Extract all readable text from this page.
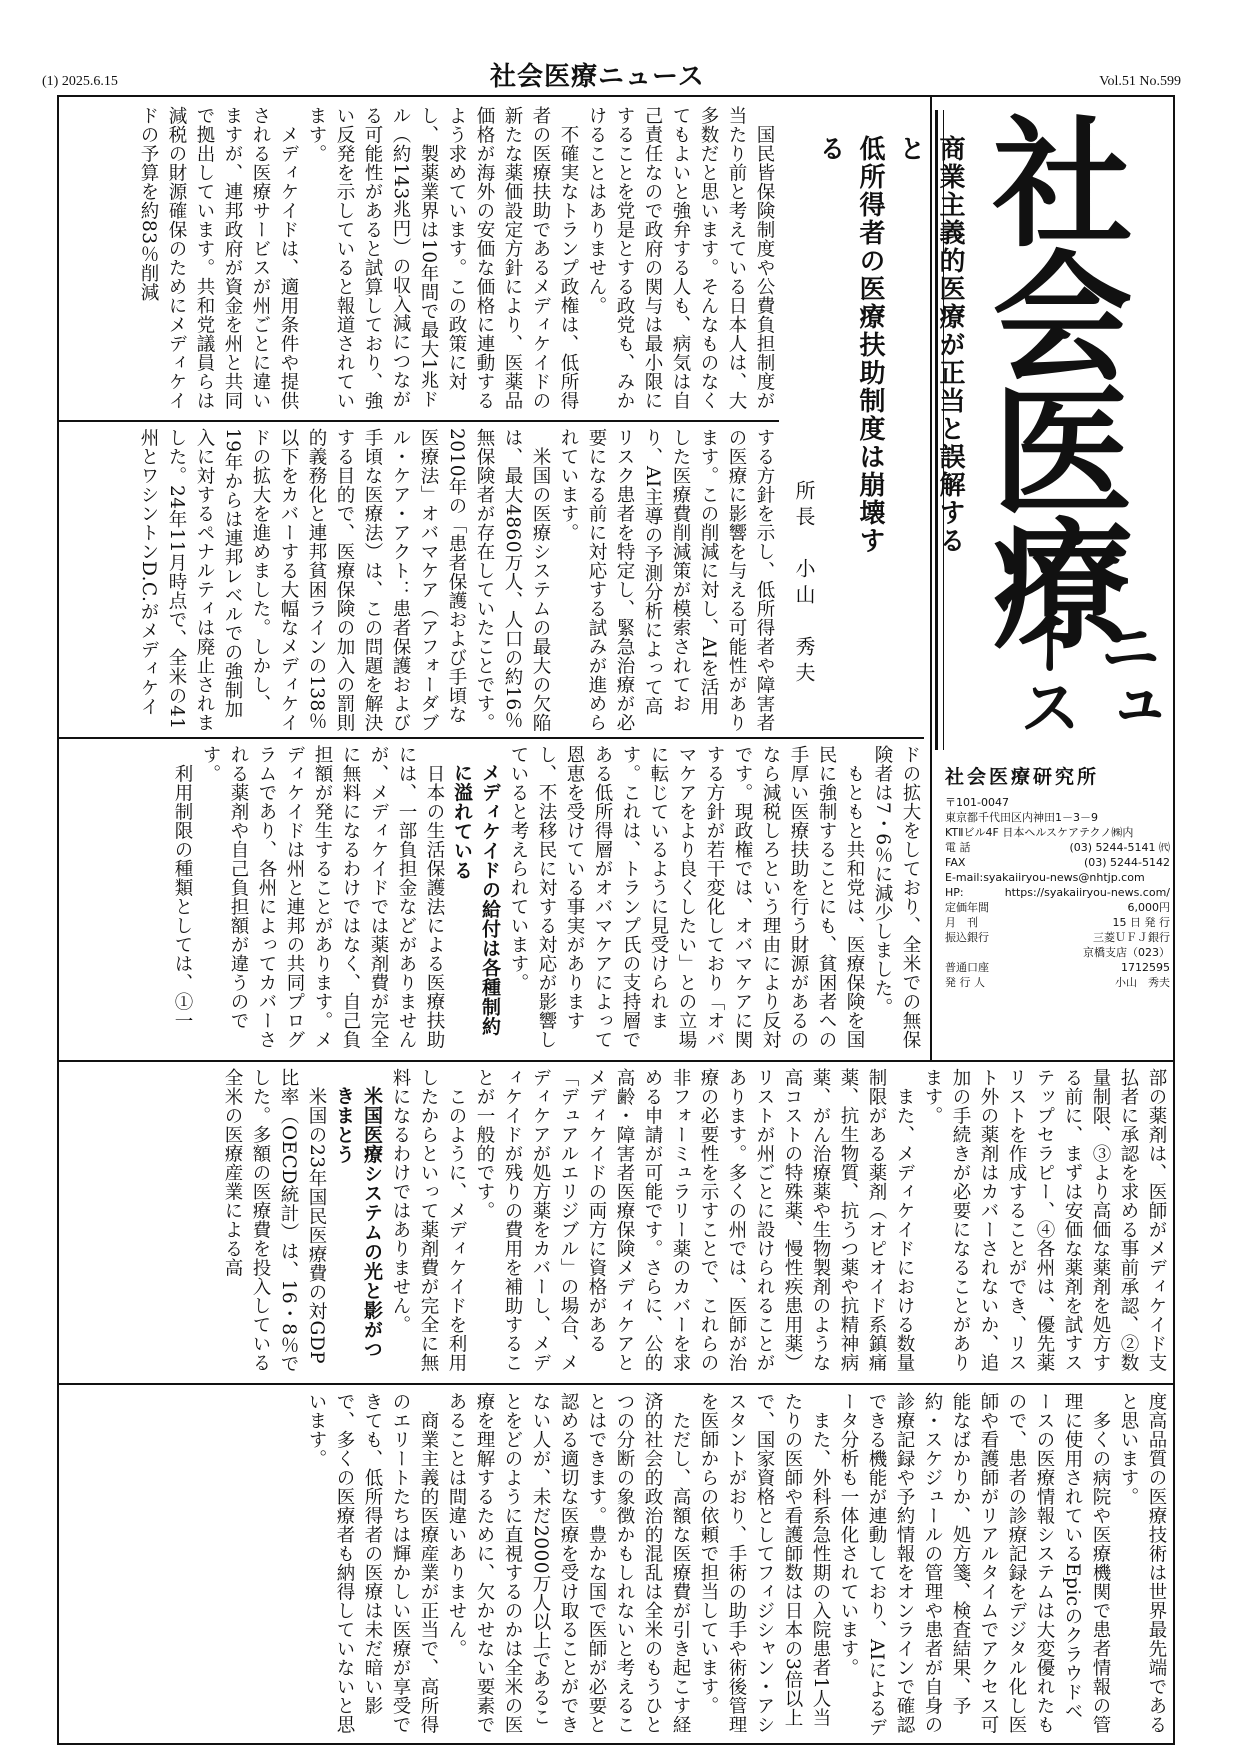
(1) 2025.6.15	社会医療ニュース	Vol.51 No.599
社会医療
ニュース
商業主義的医療が正当と誤解すると
低所得者の医療扶助制度は崩壊する
所長　小山　秀夫

国民皆保険制度や公費負担制度が当たり前と考えている日本人は、大多数だと思います。そんなものなくてもよいと強弁する人も、病気は自己責任なので政府の関与は最小限にすることを党是とする政党も、みかけることはありません。

不確実なトランプ政権は、低所得者の医療扶助であるメディケイドの新たな薬価設定方針により、医薬品価格が海外の安価な価格に連動するよう求めています。この政策に対し、製薬業界は10年間で最大1兆ドル（約143兆円）の収入減につながる可能性があると試算しており、強い反発を示していると報道されています。

メディケイドは、適用条件や提供される医療サービスが州ごとに違いますが、連邦政府が資金を州と共同で拠出しています。共和党議員らは減税の財源確保のためにメディケイドの予算を約83％削減

する方針を示し、低所得者や障害者の医療に影響を与える可能性があります。この削減に対し、AIを活用した医療費削減策が模索されており、AI主導の予測分析によって高リスク患者を特定し、緊急治療が必要になる前に対応する試みが進められています。

米国の医療システムの最大の欠陥は、最大4860万人、人口の約16％無保険者が存在していたことです。2010年の「患者保護および手頃な医療法」オバマケア（アフォーダブル・ケア・アクト：患者保護および手頃な医療法）は、この問題を解決する目的で、医療保険の加入の罰則的義務化と連邦貧困ラインの138％以下をカバーする大幅なメディケイドの拡大を進めました。しかし、19年からは連邦レベルでの強制加入に対するペナルティは廃止されました。24年11月時点で、全米の41州とワシントンD.C.がメディケイ

ドの拡大をしており、全米での無保険者は7・6％に減少しました。

もともと共和党は、医療保険を国民に強制することにも、貧困者への手厚い医療扶助を行う財源があるのなら減税しろという理由により反対です。現政権では、オバマケアに関する方針が若干変化しており「オバマケアをより良くしたい」との立場に転じているように見受けられます。これは、トランプ氏の支持層である低所得層がオバマケアによって恩恵を受けている事実がありますし、不法移民に対する対応が影響していると考えられています。

メディケイドの給付は各種制約に溢れている

日本の生活保護法による医療扶助には、一部負担金などがありませんが、メディケイドでは薬剤費が完全に無料になるわけではなく、自己負担額が発生することがあります。メディケイドは州と連邦の共同プログラムであり、各州によってカバーされる薬剤や自己負担額が違うのです。

利用制限の種類としては、①一

部の薬剤は、医師がメディケイド支払者に承認を求める事前承認、②数量制限、③より高価な薬剤を処方する前に、まずは安価な薬剤を試すステップセラピー、④各州は、優先薬リストを作成することができ、リスト外の薬剤はカバーされないか、追加の手続きが必要になることがあります。

また、メディケイドにおける数量制限がある薬剤（オピオイド系鎮痛薬、抗生物質、抗うつ薬や抗精神病薬、がん治療薬や生物製剤のような高コストの特殊薬、慢性疾患用薬）リストが州ごとに設けられることがあります。多くの州では、医師が治療の必要性を示すことで、これらの非フォーミュラリー薬のカバーを求める申請が可能です。さらに、公的高齢・障害者医療保険メディケアとメディケイドの両方に資格がある「デュアルエリジブル」の場合、メディケアが処方薬をカバーし、メディケイドが残りの費用を補助することが一般的です。

このように、メディケイドを利用したからといって薬剤費が完全に無料になるわけではありません。

米国医療システムの光と影がつきまとう

米国の23年国民医療費の対GDP比率（OECD統計）は、16・8％でした。多額の医療費を投入している全米の医療産業による高

度高品質の医療技術は世界最先端であると思います。

多くの病院や医療機関で患者情報の管理に使用されているEpicのクラウドベースの医療情報システムは大変優れたもので、患者の診療記録をデジタル化し医師や看護師がリアルタイムでアクセス可能なばかりか、処方箋、検査結果、予約・スケジュールの管理や患者が自身の診療記録や予約情報をオンラインで確認できる機能が連動しており、AIによるデータ分析も一体化されています。

また、外科系急性期の入院患者1人当たりの医師や看護師数は日本の3倍以上で、国家資格としてフィジシャン・アシスタントがおり、手術の助手や術後管理を医師からの依頼で担当しています。

ただし、高額な医療費が引き起こす経済的社会的政治的混乱は全米のもうひとつの分断の象徴かもしれないと考えることはできます。豊かな国で医師が必要と認める適切な医療を受け取ることができない人が、未だ2000万人以上であることをどのように直視するのかは全米の医療を理解するために、欠かせない要素であることは間違いありません。

商業主義的医療産業が正当で、高所得のエリートたちは輝かしい医療が享受できても、低所得者の医療は未だ暗い影で、多くの医療者も納得していないと思います。

社会医療研究所
〒101-0047
東京都千代田区内神田1－3－9
KTⅡビル4F 日本ヘルスケアテクノ㈱内
電 話	(03) 5244-5141 ㈹
FAX	(03) 5244-5142
E-mail:syakaiiryou-news@nhtjp.com
HP:	https://syakaiiryou-news.com/
定価年間	6,000円
月　刊	15 日 発 行
振込銀行	三菱ＵＦＪ銀行
京橋支店（023）
普通口座	1712595
発 行 人	小山　秀夫
